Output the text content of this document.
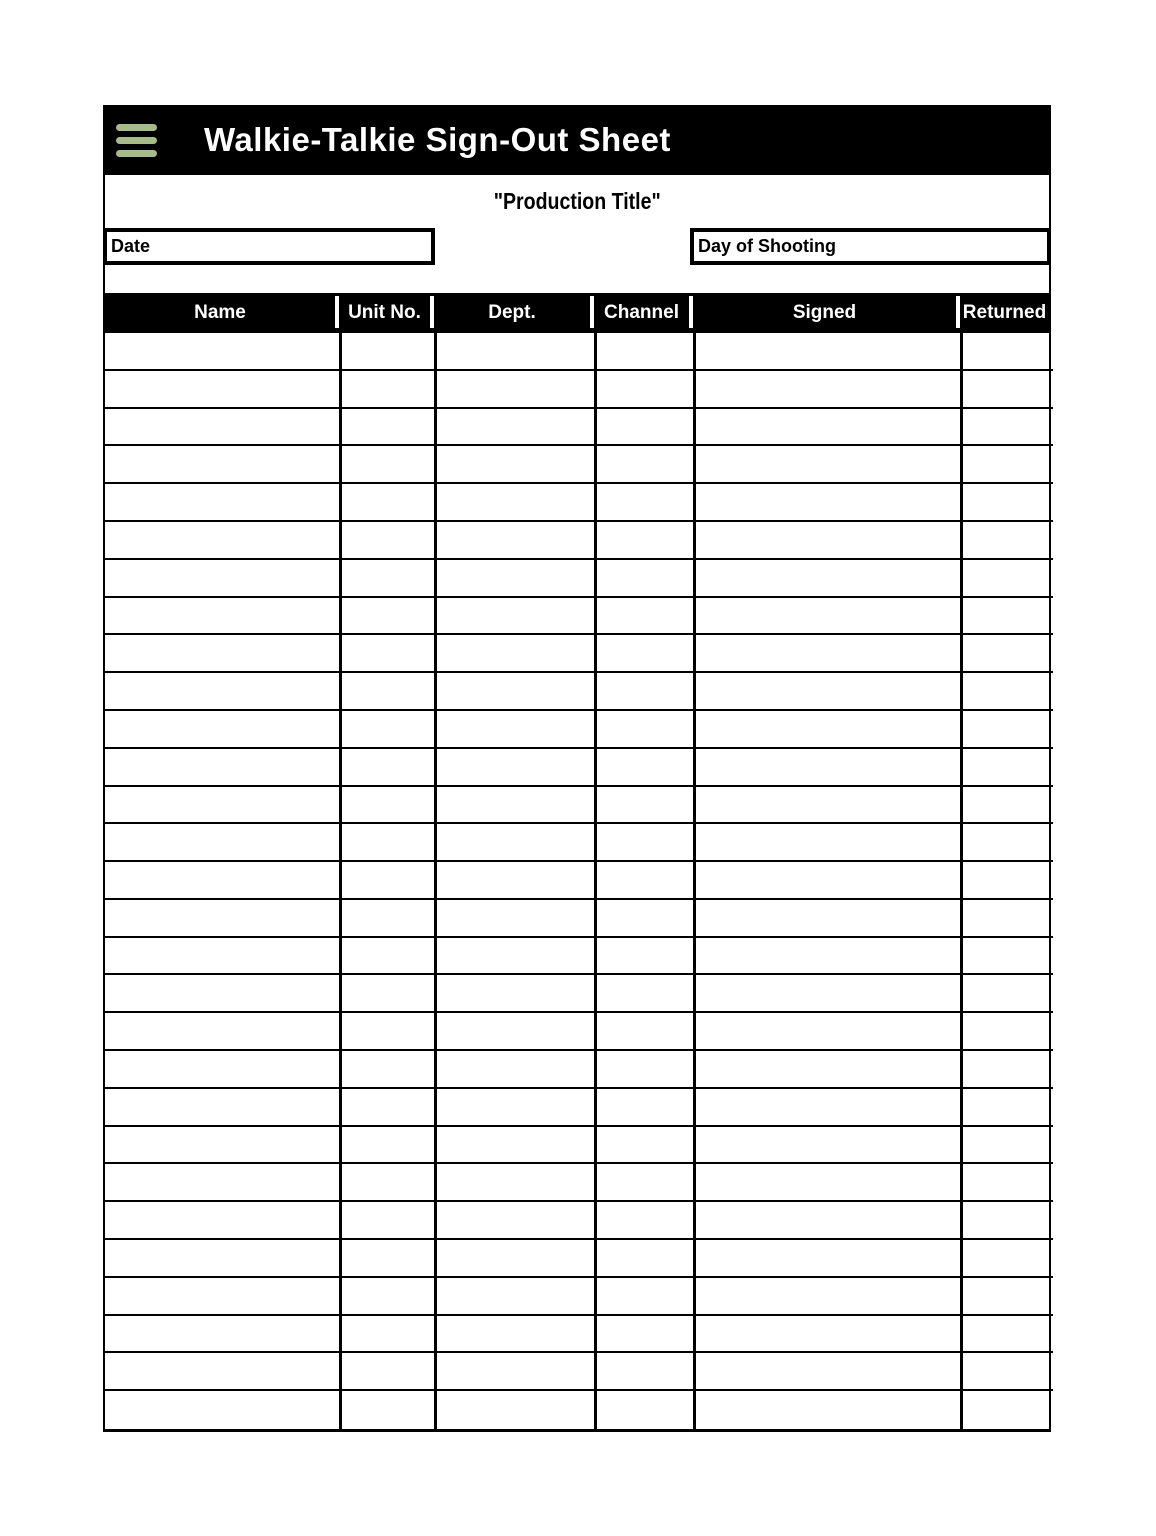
Walkie-Talkie Sign-Out Sheet
"Production Title"
Date	Day of Shooting
Name	Unit No.	Dept.	Channel	Signed	Returned
